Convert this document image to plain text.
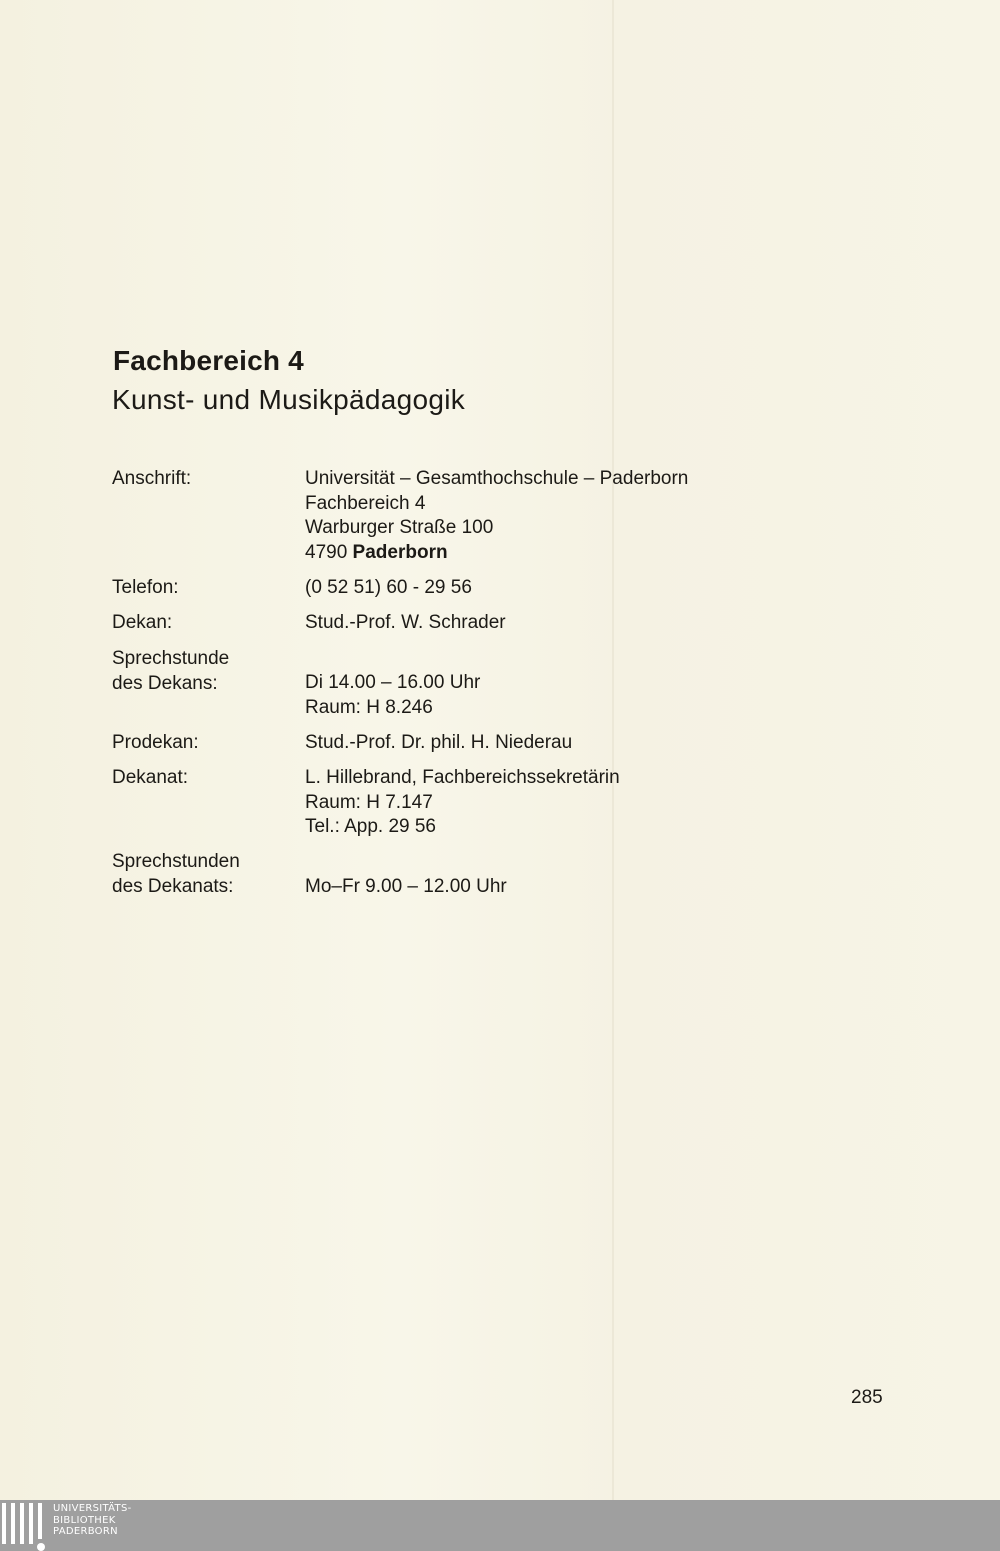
Fachbereich 4
Kunst- und Musikpädagogik
Anschrift:	Universität – Gesamthochschule – Paderborn
Fachbereich 4
Warburger Straße 100
4790 Paderborn
Telefon:	(0 52 51) 60 - 29 56
Dekan:	Stud.-Prof. W. Schrader
Sprechstunde
des Dekans:	Di 14.00 – 16.00 Uhr
Raum: H 8.246
Prodekan:	Stud.-Prof. Dr. phil. H. Niederau
Dekanat:	L. Hillebrand, Fachbereichssekretärin
Raum: H 7.147
Tel.: App. 29 56
Sprechstunden
des Dekanats:	Mo–Fr 9.00 – 12.00 Uhr
285
UNIVERSITÄTS-
BIBLIOTHEK
PADERBORN
